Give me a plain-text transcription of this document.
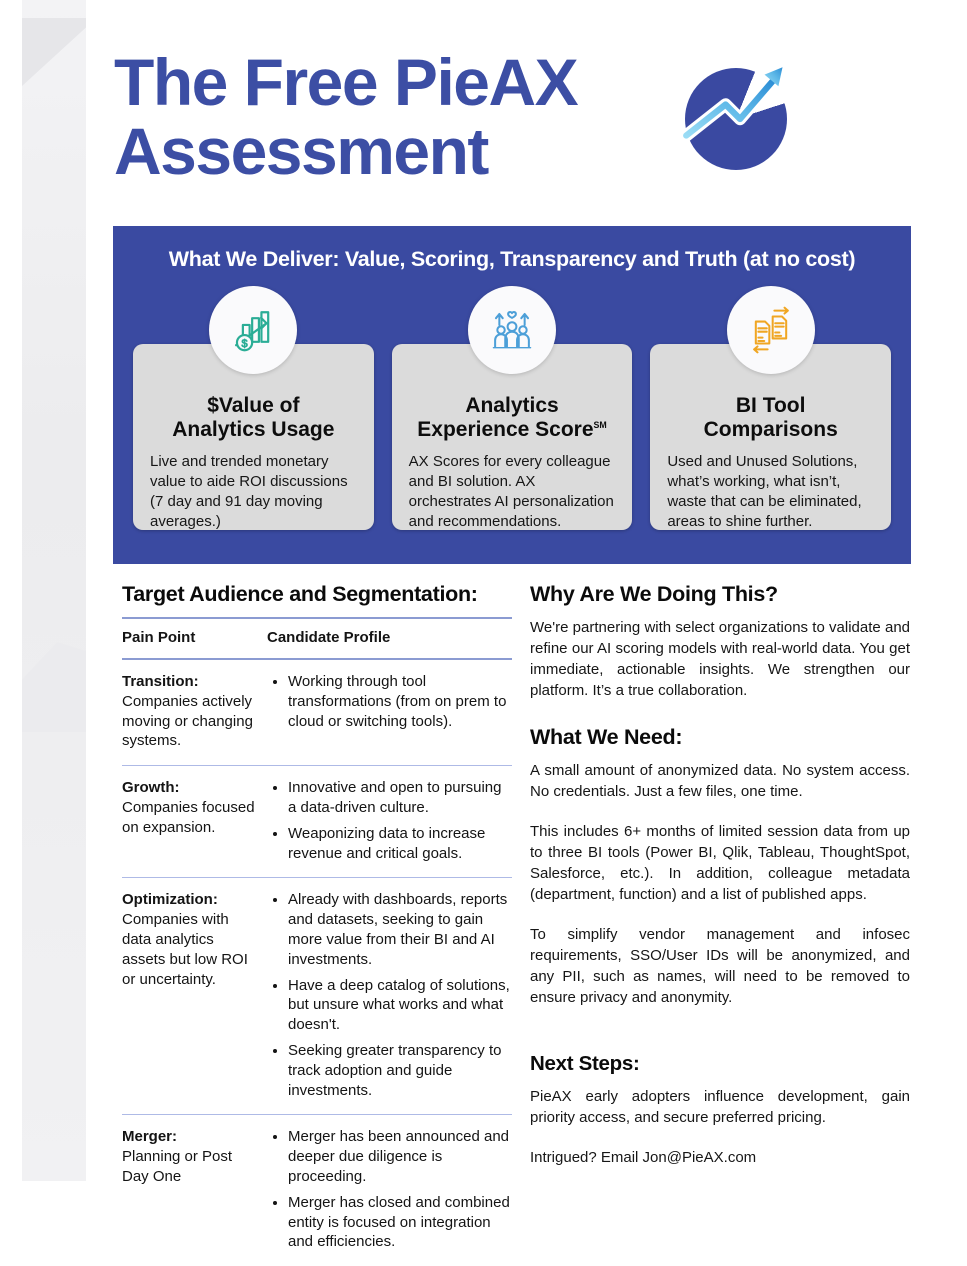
The Free PieAX
Assessment
What We Deliver: Value, Scoring, Transparency and Truth (at no cost)
$
$Value of
Analytics Usage

Live and trended monetary value to aide ROI discussions (7 day and 91 day moving averages.)

Analytics
Experience Score℠

AX Scores for every colleague and BI solution. AX orchestrates AI personalization and recommendations.

BI Tool
Comparisons

Used and Unused Solutions, what’s working, what isn’t, waste that can be eliminated, areas to shine further.

Target Audience and Segmentation:
Pain Point	Candidate Profile
Transition:
Companies actively moving or changing systems.
• Working through tool transformations (from on prem to cloud or switching tools).
Growth:
Companies focused on expansion.
• Innovative and open to pursuing a data-driven culture.
• Weaponizing data to increase revenue and critical goals.
Optimization:
Companies with data analytics assets but low ROI or uncertainty.
• Already with dashboards, reports and datasets, seeking to gain more value from their BI and AI investments.
• Have a deep catalog of solutions, but unsure what works and what doesn't.
• Seeking greater transparency to track adoption and guide investments.
Merger:
Planning or Post Day One
• Merger has been announced and deeper due diligence is proceeding.
• Merger has closed and combined entity is focused on integration and efficiencies.
Why Are We Doing This?

We're partnering with select organizations to validate and refine our AI scoring models with real-world data. You get immediate, actionable insights. We strengthen our platform. It’s a true collaboration.

What We Need:

A small amount of anonymized data. No system access. No credentials. Just a few files, one time.

This includes 6+ months of limited session data from up to three BI tools (Power BI, Qlik, Tableau, ThoughtSpot, Salesforce, etc.). In addition, colleague metadata (department, function) and a list of published apps.

To simplify vendor management and infosec requirements, SSO/User IDs will be anonymized, and any PII, such as names, will need to be removed to ensure privacy and anonymity.

Next Steps:

PieAX early adopters influence development, gain priority access, and secure preferred pricing.

Intrigued? Email Jon@PieAX.com
